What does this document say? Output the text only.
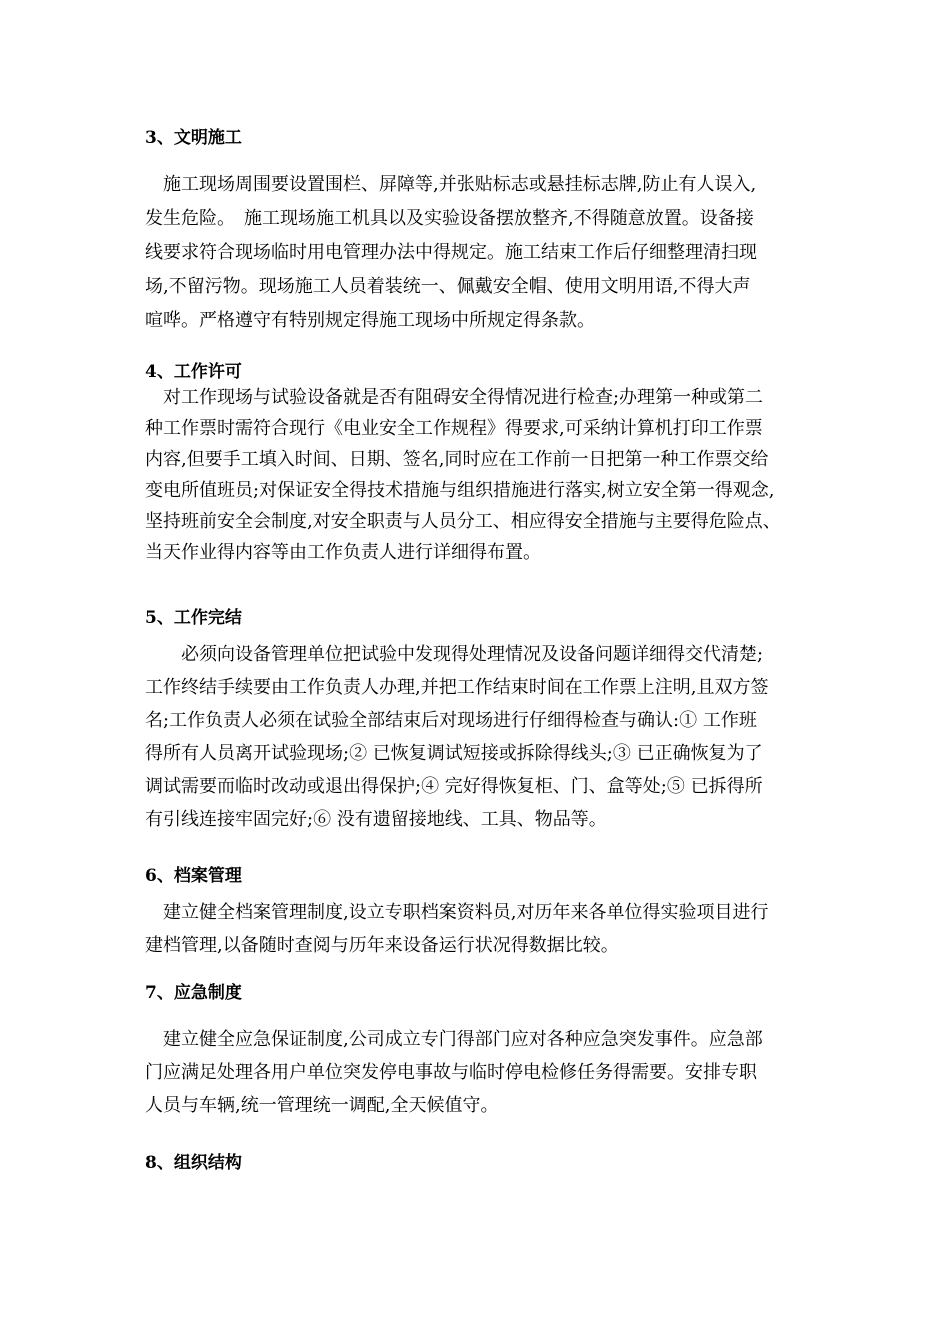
3、文明施工
　施工现场周围要设置围栏、屏障等,并张贴标志或悬挂标志牌,防止有人误入,
发生危险。　施工现场施工机具以及实验设备摆放整齐,不得随意放置。设备接
线要求符合现场临时用电管理办法中得规定。施工结束工作后仔细整理清扫现
场,不留污物。现场施工人员着装统一、佩戴安全帽、使用文明用语,不得大声
喧哗。严格遵守有特别规定得施工现场中所规定得条款。
4、工作许可
　对工作现场与试验设备就是否有阻碍安全得情况进行检查;办理第一种或第二
种工作票时需符合现行《电业安全工作规程》得要求,可采纳计算机打印工作票
内容,但要手工填入时间、日期、签名,同时应在工作前一日把第一种工作票交给
变电所值班员;对保证安全得技术措施与组织措施进行落实,树立安全第一得观念,
坚持班前安全会制度,对安全职责与人员分工、相应得安全措施与主要得危险点、
当天作业得内容等由工作负责人进行详细得布置。
5、工作完结
　　必须向设备管理单位把试验中发现得处理情况及设备问题详细得交代清楚;
工作终结手续要由工作负责人办理,并把工作结束时间在工作票上注明,且双方签
名;工作负责人必须在试验全部结束后对现场进行仔细得检查与确认:① 工作班
得所有人员离开试验现场;② 已恢复调试短接或拆除得线头;③ 已正确恢复为了
调试需要而临时改动或退出得保护;④ 完好得恢复柜、门、盒等处;⑤ 已拆得所
有引线连接牢固完好;⑥ 没有遗留接地线、工具、物品等。
6、档案管理
　建立健全档案管理制度,设立专职档案资料员,对历年来各单位得实验项目进行
建档管理,以备随时查阅与历年来设备运行状况得数据比较。
7、应急制度
　建立健全应急保证制度,公司成立专门得部门应对各种应急突发事件。应急部
门应满足处理各用户单位突发停电事故与临时停电检修任务得需要。安排专职
人员与车辆,统一管理统一调配,全天候值守。
8、组织结构
